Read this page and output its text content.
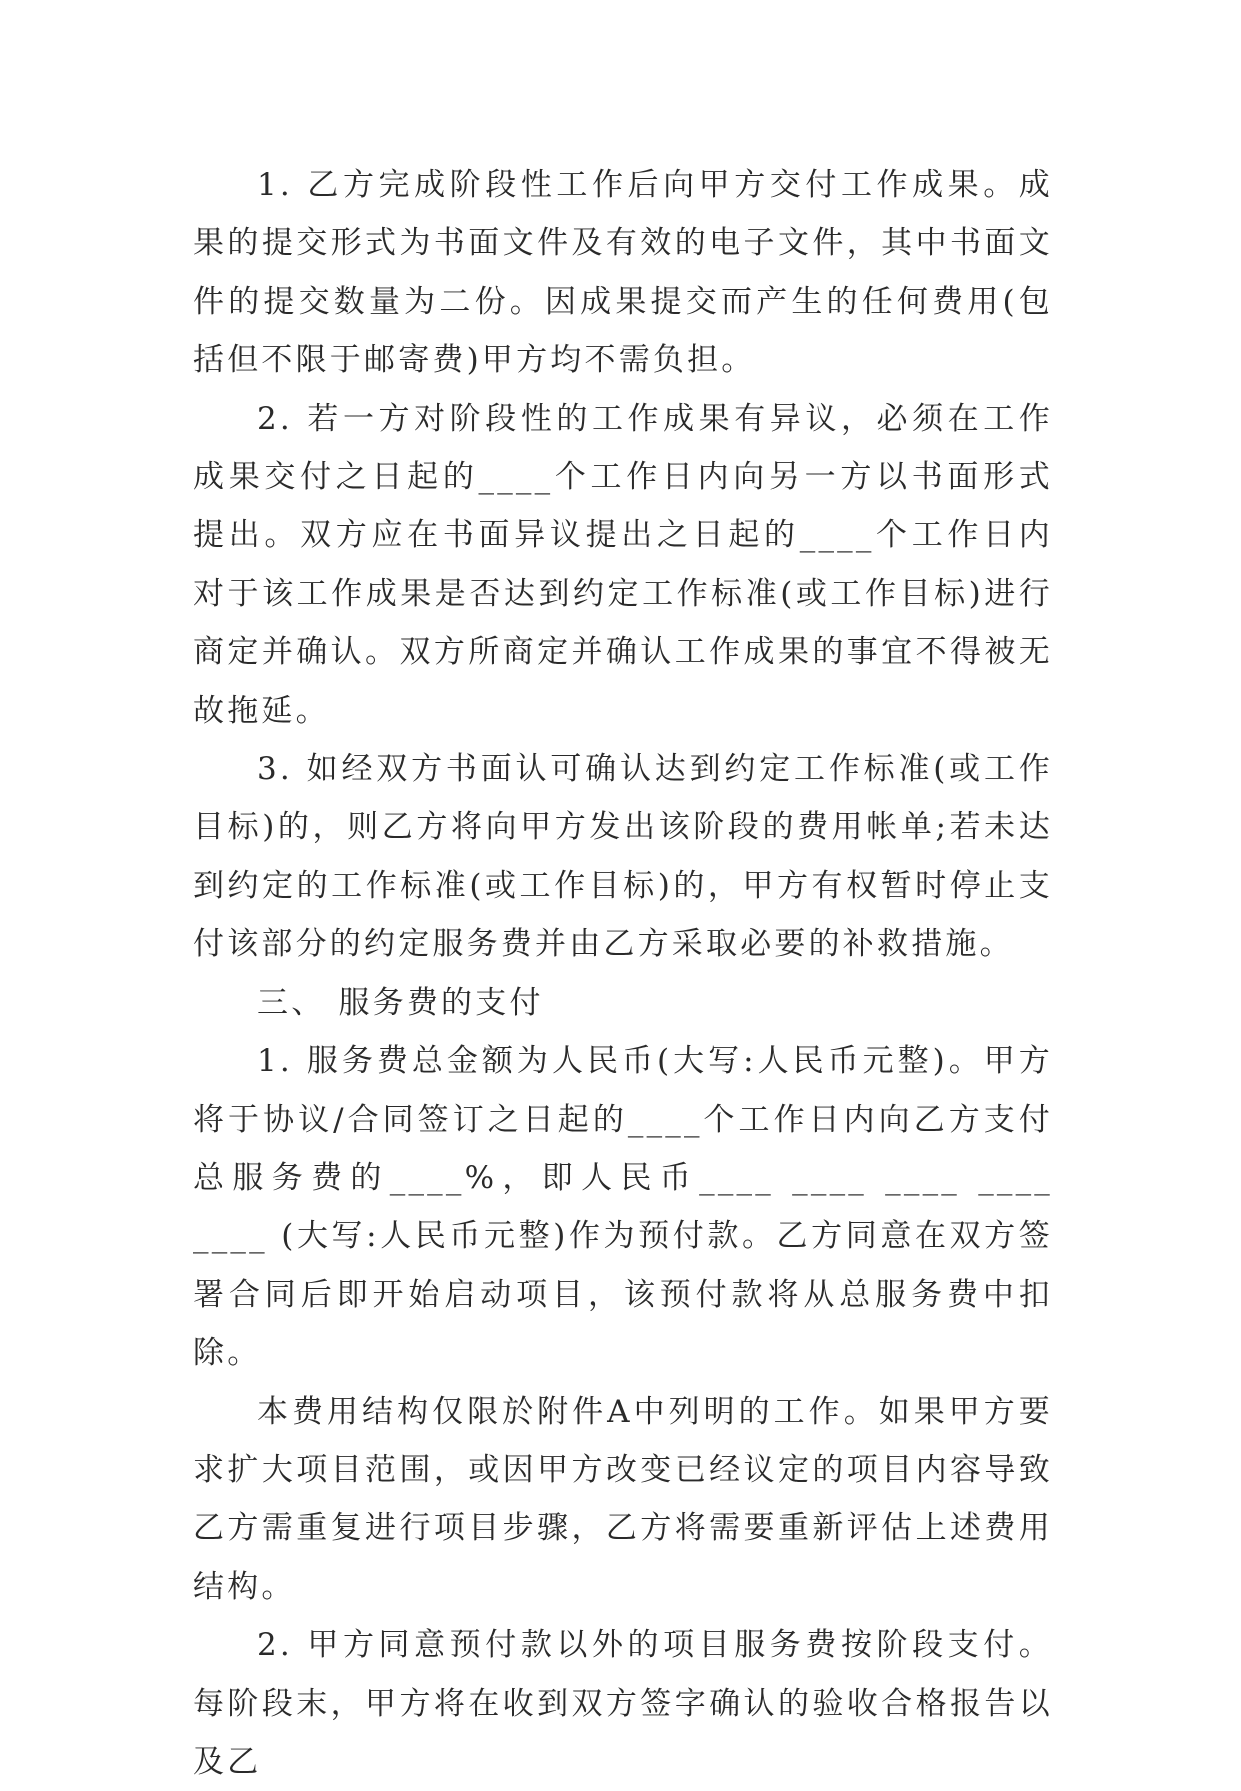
1. 乙方完成阶段性工作后向甲方交付工作成果。成果的提交形式为书面文件及有效的电子文件，其中书面文件的提交数量为二份。因成果提交而产生的任何费用(包括但不限于邮寄费)甲方均不需负担。

2. 若一方对阶段性的工作成果有异议，必须在工作成果交付之日起的____个工作日内向另一方以书面形式提出。双方应在书面异议提出之日起的____个工作日内对于该工作成果是否达到约定工作标准(或工作目标)进行商定并确认。双方所商定并确认工作成果的事宜不得被无故拖延。

3. 如经双方书面认可确认达到约定工作标准(或工作目标)的，则乙方将向甲方发出该阶段的费用帐单;若未达到约定的工作标准(或工作目标)的，甲方有权暂时停止支付该部分的约定服务费并由乙方采取必要的补救措施。

三、 服务费的支付

1. 服务费总金额为人民币(大写:人民币元整)。甲方将于协议/合同签订之日起的____个工作日内向乙方支付总服务费的____%，即人民币____ ____ ____ ____ ____ (大写:人民币元整)作为预付款。乙方同意在双方签署合同后即开始启动项目，该预付款将从总服务费中扣除。

本费用结构仅限於附件A中列明的工作。如果甲方要求扩大项目范围，或因甲方改变已经议定的项目内容导致乙方需重复进行项目步骤，乙方将需要重新评估上述费用结构。

2. 甲方同意预付款以外的项目服务费按阶段支付。每阶段末，甲方将在收到双方签字确认的验收合格报告以及乙
